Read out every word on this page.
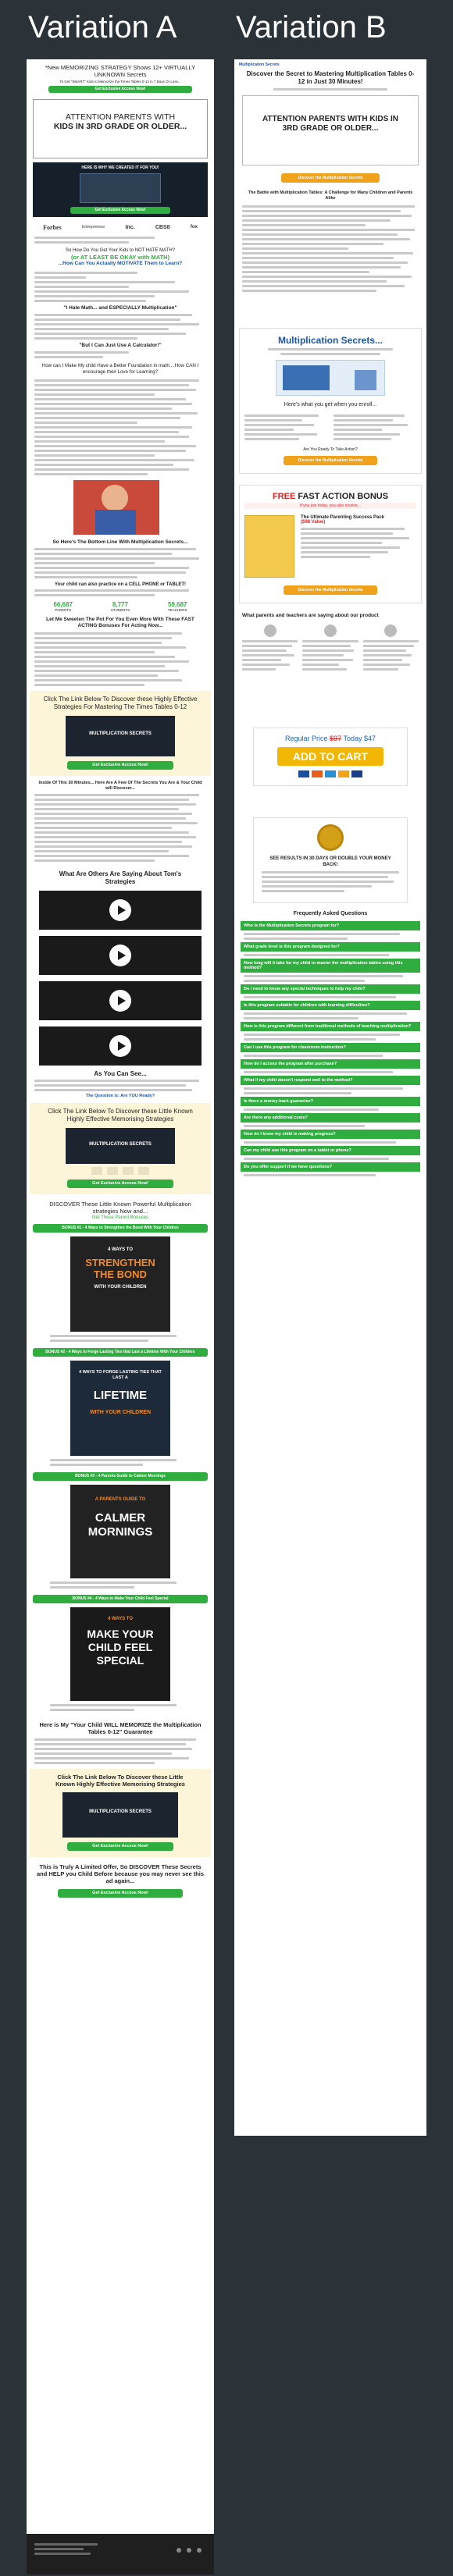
Variation A Variation B
*New MEMORIZING STRATEGY Shows 12+ VIRTUALLY UNKNOWN Secrets
To Get "SMART" Kids to Memorize the Times Tables 0-12 in 7 Days Or Less...
Get Exclusive Access Now!
ATTENTION PARENTS WITH
KIDS IN 3RD GRADE OR OLDER...
HERE IS WHY WE CREATED IT FOR YOU!
Get Exclusive Access Now!
Forbes	Entrepreneur	Inc.	CBS8	fox
So How Do You Get Your Kids to NOT HATE MATH?
(or AT LEAST BE OKAY with MATH)
...How Can You Actually MOTIVATE Them to Learn?
"I Hate Math... and ESPECIALLY Multiplication"
"But I Can Just Use A Calculator!"
How can I Make My child Have a Better Foundation in math... How CAN I encourage their Love for Learning?
So Here's The Bottom Line With Multiplication Secrets...
Your child can also practice on a CELL PHONE or TABLET!
66,687
PARENTS
8,777
STUDENTS
59,687
TEACHERS
Let Me Sweeten The Pot For You Even More With These FAST ACTING Bonuses For Acting Now...
Click The Link Below To Discover these Highly Effective Strategies For Mastering The Times Tables 0-12
MULTIPLICATION SECRETS
Get Exclusive Access Now!
Inside Of This 30 Minutes... Here Are A Few Of The Secrets You Are & Your Child will Discover...
What Are Others Are Saying About Tom's Strategies
As You Can See...
The Question is: Are YOU Ready?
Click The Link Below To Discover these Little Known Highly Effective Memorising Strategies
MULTIPLICATION SECRETS
Get Exclusive Access Now!
DISCOVER These Little Known Powerful Multiplication strategies Now and...
Get These Parent Bonuses
BONUS #1 - 4 Ways to Strengthen the Bond With Your Children
4 WAYS TO
STRENGTHEN THE BOND
WITH YOUR CHILDREN
BONUS #2 - 4 Ways to Forge Lasting Ties that Last a Lifetime With Your Children
4 WAYS TO FORGE LASTING TIES THAT LAST A
LIFETIME
WITH YOUR CHILDREN
BONUS #3 - 4 Parents Guide to Calmer Mornings
A PARENTS GUIDE TO
CALMER MORNINGS
BONUS #4 - 4 Ways to Make Your Child Feel Special
4 WAYS TO
MAKE YOUR CHILD FEEL SPECIAL
Here is My "Your Child WILL MEMORIZE the Multiplication Tables 0-12" Guarantee
Click The Link Below To Discover these Little Known Highly Effective Memorising Strategies
MULTIPLICATION SECRETS
Get Exclusive Access Now!
This is Truly A Limited Offer, So DISCOVER These Secrets and HELP you Child Before because you may never see this ad again...
Get Exclusive Access Now!
Multiplication Secrets
Discover the Secret to Mastering Multiplication Tables 0-12 in Just 30 Minutes!
ATTENTION PARENTS WITH KIDS IN 3RD GRADE OR OLDER...
Discover the Multiplication Secrets
The Battle with Multiplication Tables: A Challenge for Many Children and Parents Alike
Multiplication Secrets...
Here's what you get when you enroll...
Are You Ready To Take Action?
Discover the Multiplication Secrets
FREE FAST ACTION BONUS
If you join today, you also receive...
The Ultimate Parenting Success Pack
($98 Value)
Discover the Multiplication Secrets
What parents and teachers are saying about our product
Regular Price $97 Today $47
ADD TO CART
SEE RESULTS IN 30 DAYS OR DOUBLE YOUR MONEY BACK!
Frequently Asked Questions
Who is the Multiplication Secrets program for?
What grade level is this program designed for?
How long will it take for my child to master the multiplication tables using this method?
Do I need to know any special techniques to help my child?
Is this program suitable for children with learning difficulties?
How is this program different from traditional methods of teaching multiplication?
Can I use this program for classroom instruction?
How do I access the program after purchase?
What if my child doesn't respond well to the method?
Is there a money-back guarantee?
Are there any additional costs?
How do I know my child is making progress?
Can my child use this program on a tablet or phone?
Do you offer support if we have questions?
